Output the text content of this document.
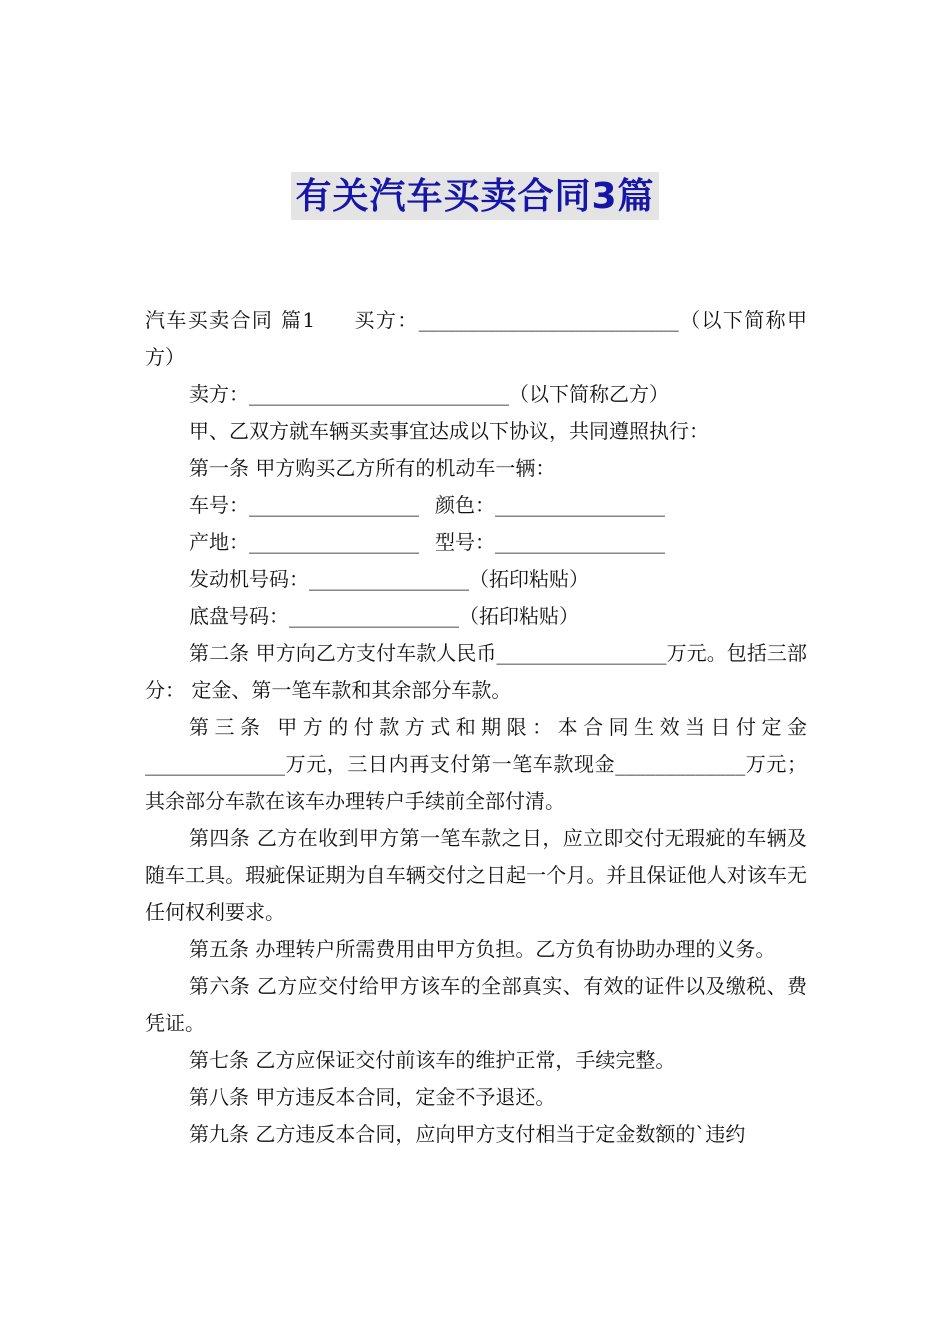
有关汽车买卖合同3篇

汽车买卖合同 篇1 买方：__________________________（以下简称甲方）

卖方：__________________________（以下简称乙方）

甲、乙双方就车辆买卖事宜达成以下协议，共同遵照执行：

第一条 甲方购买乙方所有的机动车一辆：

车号：_________________ 颜色：_________________

产地：_________________ 型号：_________________

发动机号码：________________（拓印粘贴）

底盘号码：_________________（拓印粘贴）

第二条 甲方向乙方支付车款人民币_________________万元。包括三部分： 定金、第一笔车款和其余部分车款。

第三条 甲方的付款方式和期限：本合同生效当日付定金______________万元，三日内再支付第一笔车款现金_____________万元；其余部分车款在该车办理转户手续前全部付清。

第四条 乙方在收到甲方第一笔车款之日，应立即交付无瑕疵的车辆及随车工具。瑕疵保证期为自车辆交付之日起一个月。并且保证他人对该车无任何权利要求。

第五条 办理转户所需费用由甲方负担。乙方负有协助办理的义务。

第六条 乙方应交付给甲方该车的全部真实、有效的证件以及缴税、费凭证。

第七条 乙方应保证交付前该车的维护正常，手续完整。

第八条 甲方违反本合同，定金不予退还。

第九条 乙方违反本合同，应向甲方支付相当于定金数额的`违约
